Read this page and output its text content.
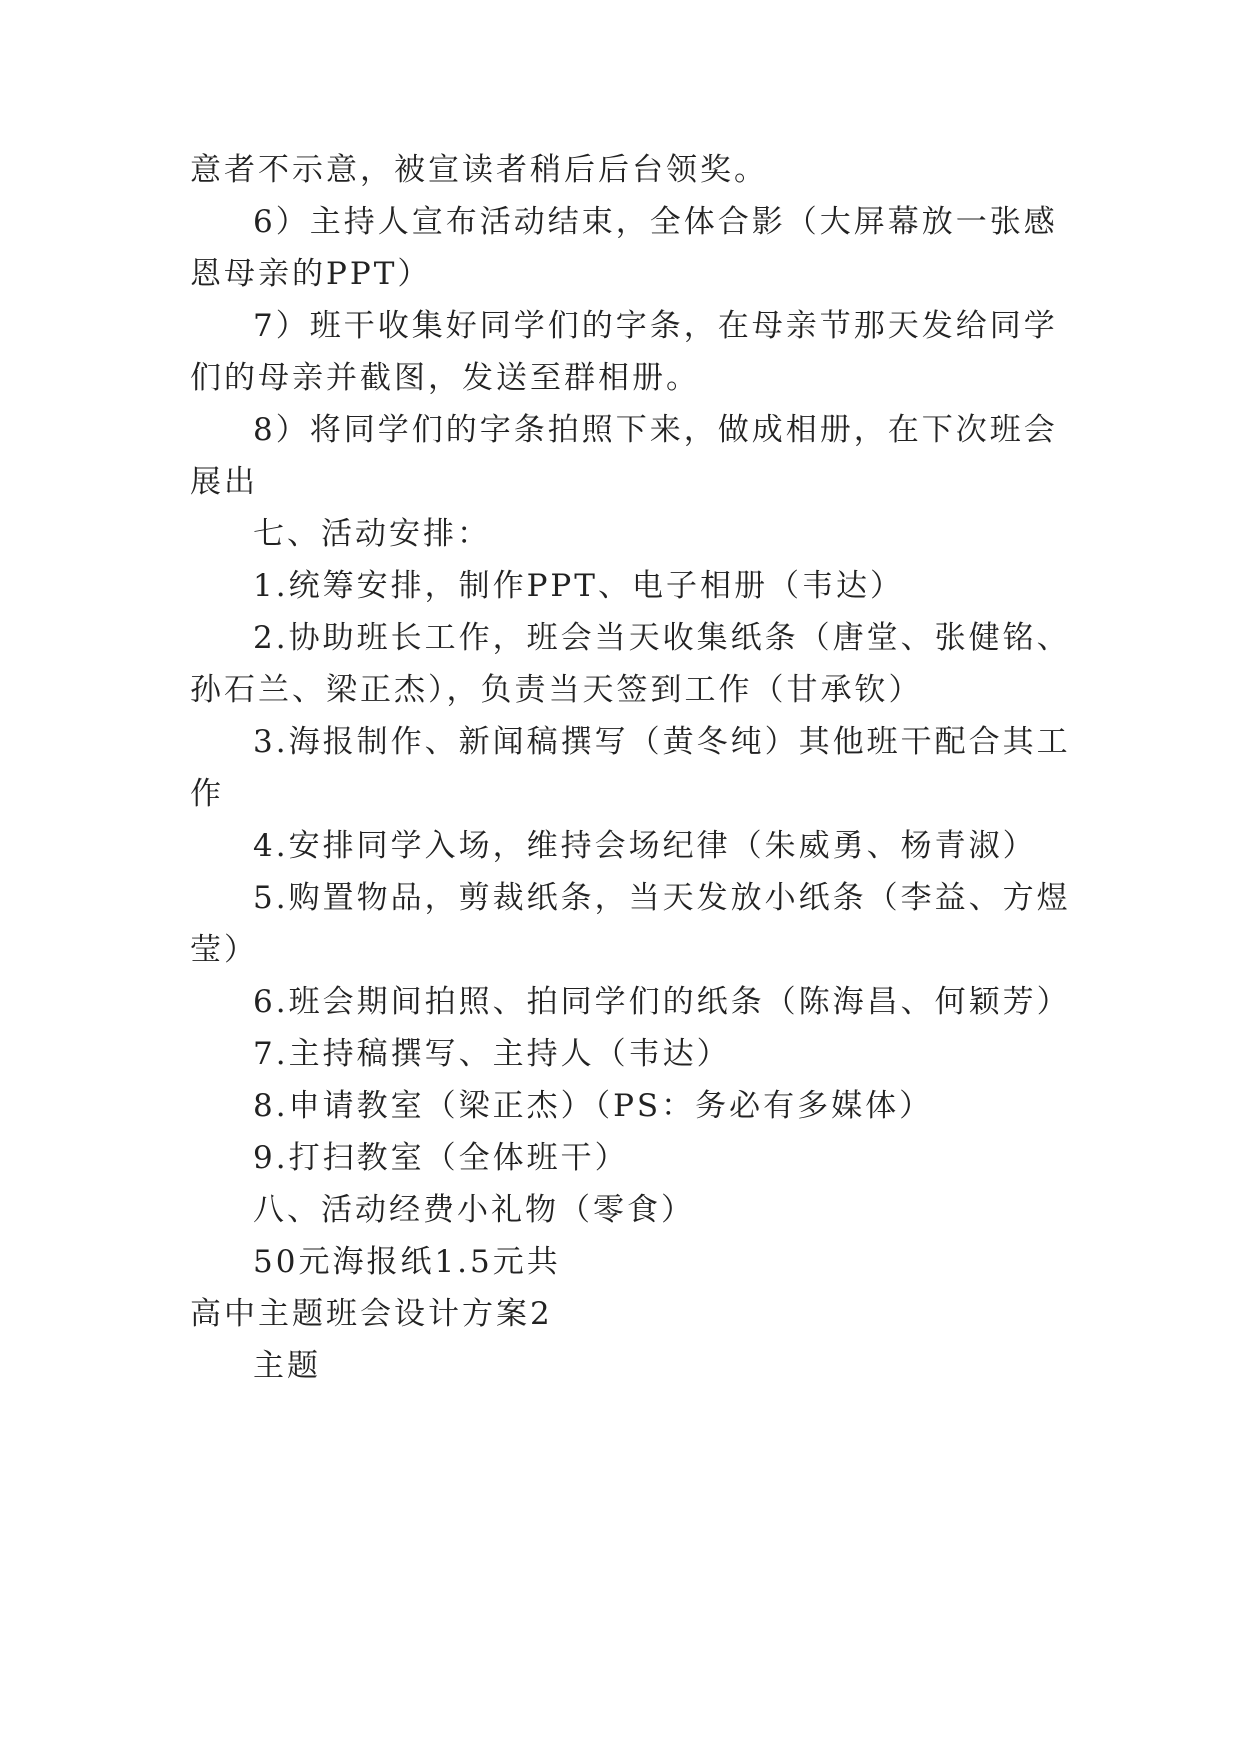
意者不示意，被宣读者稍后后台领奖。
6）主持人宣布活动结束，全体合影（大屏幕放一张感
恩母亲的PPT）
7）班干收集好同学们的字条，在母亲节那天发给同学
们的母亲并截图，发送至群相册。
8）将同学们的字条拍照下来，做成相册，在下次班会
展出
七、活动安排：
1.统筹安排，制作PPT、电子相册（韦达）
2.协助班长工作，班会当天收集纸条（唐堂、张健铭、
孙石兰、梁正杰），负责当天签到工作（甘承钦）
3.海报制作、新闻稿撰写（黄冬纯）其他班干配合其工
作
4.安排同学入场，维持会场纪律（朱威勇、杨青淑）
5.购置物品，剪裁纸条，当天发放小纸条（李益、方煜
莹）
6.班会期间拍照、拍同学们的纸条（陈海昌、何颖芳）
7.主持稿撰写、主持人（韦达）
8.申请教室（梁正杰）（PS：务必有多媒体）
9.打扫教室（全体班干）
八、活动经费小礼物（零食）
50元海报纸1.5元共
高中主题班会设计方案2
主题
